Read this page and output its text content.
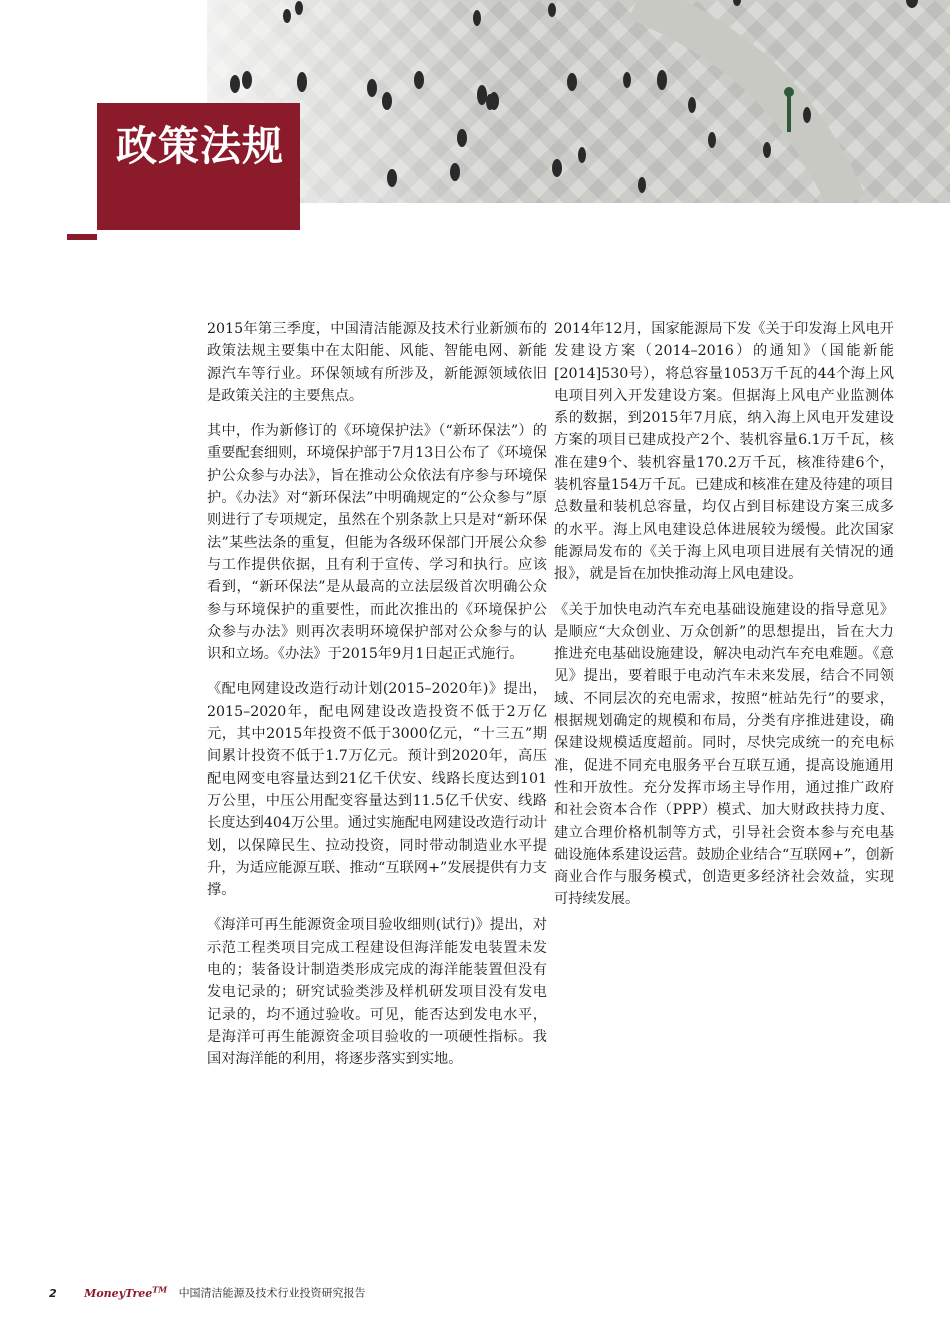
政策法规

2015年第三季度，中国清洁能源及技术行业新颁布的政策法规主要集中在太阳能、风能、智能电网、新能源汽车等行业。环保领域有所涉及，新能源领域依旧是政策关注的主要焦点。

其中，作为新修订的《环境保护法》（“新环保法”）的重要配套细则，环境保护部于7月13日公布了《环境保护公众参与办法》，旨在推动公众依法有序参与环境保护。《办法》对“新环保法”中明确规定的“公众参与”原则进行了专项规定，虽然在个别条款上只是对“新环保法”某些法条的重复，但能为各级环保部门开展公众参与工作提供依据，且有利于宣传、学习和执行。应该看到，“新环保法”是从最高的立法层级首次明确公众参与环境保护的重要性，而此次推出的《环境保护公众参与办法》则再次表明环境保护部对公众参与的认识和立场。《办法》于2015年9月1日起正式施行。

《配电网建设改造行动计划(2015–2020年)》提出，2015–2020年，配电网建设改造投资不低于2万亿元，其中2015年投资不低于3000亿元，“十三五”期间累计投资不低于1.7万亿元。预计到2020年，高压配电网变电容量达到21亿千伏安、线路长度达到101万公里，中压公用配变容量达到11.5亿千伏安、线路长度达到404万公里。通过实施配电网建设改造行动计划，以保障民生、拉动投资，同时带动制造业水平提升，为适应能源互联、推动“互联网+”发展提供有力支撑。

《海洋可再生能源资金项目验收细则(试行)》提出，对示范工程类项目完成工程建设但海洋能发电装置未发电的；装备设计制造类形成完成的海洋能装置但没有发电记录的；研究试验类涉及样机研发项目没有发电记录的，均不通过验收。可见，能否达到发电水平，是海洋可再生能源资金项目验收的一项硬性指标。我国对海洋能的利用，将逐步落实到实地。

2014年12月，国家能源局下发《关于印发海上风电开发建设方案（2014–2016）的通知》（国能新能[2014]530号），将总容量1053万千瓦的44个海上风电项目列入开发建设方案。但据海上风电产业监测体系的数据，到2015年7月底，纳入海上风电开发建设方案的项目已建成投产2个、装机容量6.1万千瓦，核准在建9个、装机容量170.2万千瓦，核准待建6个，装机容量154万千瓦。已建成和核准在建及待建的项目总数量和装机总容量，均仅占到目标建设方案三成多的水平。海上风电建设总体进展较为缓慢。此次国家能源局发布的《关于海上风电项目进展有关情况的通报》，就是旨在加快推动海上风电建设。

《关于加快电动汽车充电基础设施建设的指导意见》是顺应“大众创业、万众创新”的思想提出，旨在大力推进充电基础设施建设，解决电动汽车充电难题。《意见》提出，要着眼于电动汽车未来发展，结合不同领域、不同层次的充电需求，按照“桩站先行”的要求，根据规划确定的规模和布局，分类有序推进建设，确保建设规模适度超前。同时，尽快完成统一的充电标准，促进不同充电服务平台互联互通，提高设施通用性和开放性。充分发挥市场主导作用，通过推广政府和社会资本合作（PPP）模式、加大财政扶持力度、建立合理价格机制等方式，引导社会资本参与充电基础设施体系建设运营。鼓励企业结合“互联网+”，创新商业合作与服务模式，创造更多经济社会效益，实现可持续发展。

2	MoneyTree™ 中国清洁能源及技术行业投资研究报告
